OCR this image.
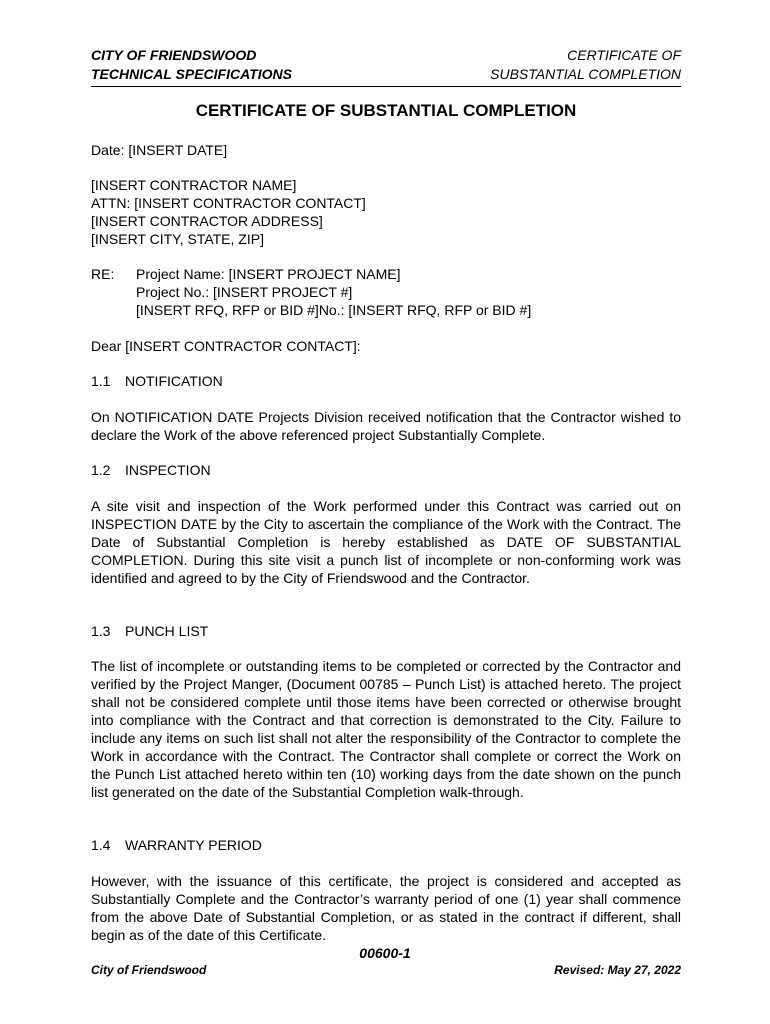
CITY OF FRIENDSWOOD
TECHNICAL SPECIFICATIONS
CERTIFICATE OF
SUBSTANTIAL COMPLETION
CERTIFICATE OF SUBSTANTIAL COMPLETION
Date: [INSERT DATE]
[INSERT CONTRACTOR NAME]
ATTN: [INSERT CONTRACTOR CONTACT]
[INSERT CONTRACTOR ADDRESS]
[INSERT CITY, STATE, ZIP]
RE: Project Name: [INSERT PROJECT NAME]
Project No.: [INSERT PROJECT #]
[INSERT RFQ, RFP or BID #]No.: [INSERT RFQ, RFP or BID #]
Dear [INSERT CONTRACTOR CONTACT]:
1.1 NOTIFICATION
On NOTIFICATION DATE Projects Division received notification that the Contractor wished to declare the Work of the above referenced project Substantially Complete.
1.2 INSPECTION
A site visit and inspection of the Work performed under this Contract was carried out on INSPECTION DATE by the City to ascertain the compliance of the Work with the Contract. The Date of Substantial Completion is hereby established as DATE OF SUBSTANTIAL COMPLETION. During this site visit a punch list of incomplete or non-conforming work was identified and agreed to by the City of Friendswood and the Contractor.
1.3 PUNCH LIST
The list of incomplete or outstanding items to be completed or corrected by the Contractor and verified by the Project Manger, (Document 00785 – Punch List) is attached hereto. The project shall not be considered complete until those items have been corrected or otherwise brought into compliance with the Contract and that correction is demonstrated to the City. Failure to include any items on such list shall not alter the responsibility of the Contractor to complete the Work in accordance with the Contract. The Contractor shall complete or correct the Work on the Punch List attached hereto within ten (10) working days from the date shown on the punch list generated on the date of the Substantial Completion walk-through.
1.4 WARRANTY PERIOD
However, with the issuance of this certificate, the project is considered and accepted as Substantially Complete and the Contractor’s warranty period of one (1) year shall commence from the above Date of Substantial Completion, or as stated in the contract if different, shall begin as of the date of this Certificate.
00600-1
City of Friendswood	Revised: May 27, 2022
